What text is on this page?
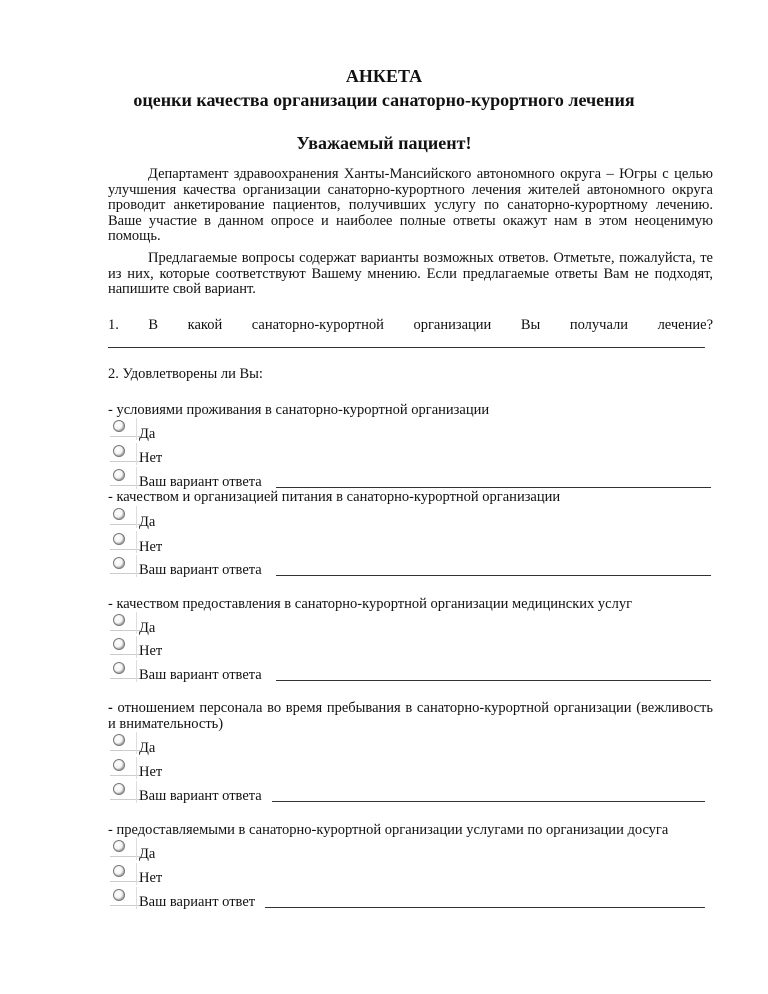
АНКЕТА
оценки качества организации санаторно-курортного лечения
Уважаемый пациент!
Департамент здравоохранения Ханты-Мансийского автономного округа – Югры с целью улучшения качества организации санаторно-курортного лечения жителей автономного округа проводит анкетирование пациентов, получивших услугу по санаторно-курортному лечению. Ваше участие в данном опросе и наиболее полные ответы окажут нам в этом неоценимую помощь.
Предлагаемые вопросы содержат варианты возможных ответов. Отметьте, пожалуйста, те из них, которые соответствуют Вашему мнению. Если предлагаемые ответы Вам не подходят, напишите свой вариант.
1. В какой санаторно-курортной организации Вы получали лечение?
2. Удовлетворены ли Вы:
- условиями проживания в санаторно-курортной организации
Да
Нет
Ваш вариант ответа
- качеством и организацией питания в санаторно-курортной организации
Да
Нет
Ваш вариант ответа
- качеством предоставления в санаторно-курортной организации медицинских услуг
Да
Нет
Ваш вариант ответа
- отношением персонала во время пребывания в санаторно-курортной организации (вежливость и внимательность)
Да
Нет
Ваш вариант ответа
- предоставляемыми в санаторно-курортной организации услугами по организации досуга
Да
Нет
Ваш вариант ответ
